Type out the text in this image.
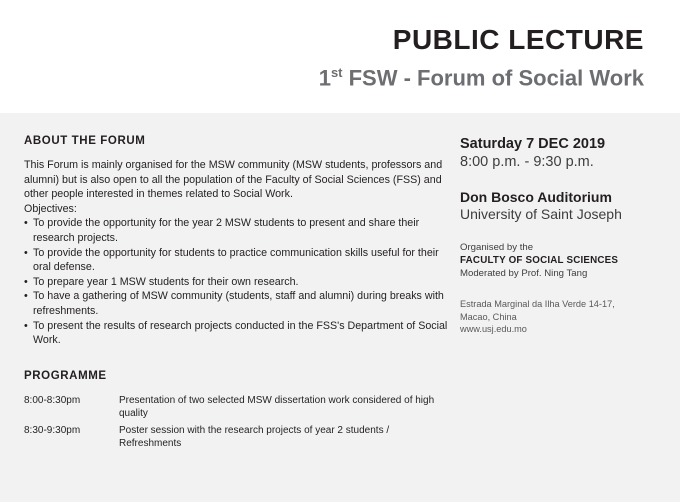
PUBLIC LECTURE
1st FSW - Forum of Social Work
ABOUT THE FORUM

This Forum is mainly organised for the MSW community (MSW students, professors and alumni) but is also open to all the population of the Faculty of Social Sciences (FSS) and other people interested in themes related to Social Work.

Objectives:

• To provide the opportunity for the year 2 MSW students to present and share their research projects.
• To provide the opportunity for students to practice communication skills useful for their oral defense.
• To prepare year 1 MSW students for their own research.
• To have a gathering of MSW community (students, staff and alumni) during breaks with refreshments.
• To present the results of research projects conducted in the FSS's Department of Social Work.
PROGRAMME
8:00-8:30pm	Presentation of two selected MSW dissertation work considered of high quality
8:30-9:30pm	Poster session with the research projects of year 2 students / Refreshments

Saturday 7 DEC 2019

8:00 p.m. - 9:30 p.m.

Don Bosco Auditorium

University of Saint Joseph

Organised by the

FACULTY OF SOCIAL SCIENCES

Moderated by Prof. Ning Tang

Estrada Marginal da Ilha Verde 14-17,

Macao, China

www.usj.edu.mo
